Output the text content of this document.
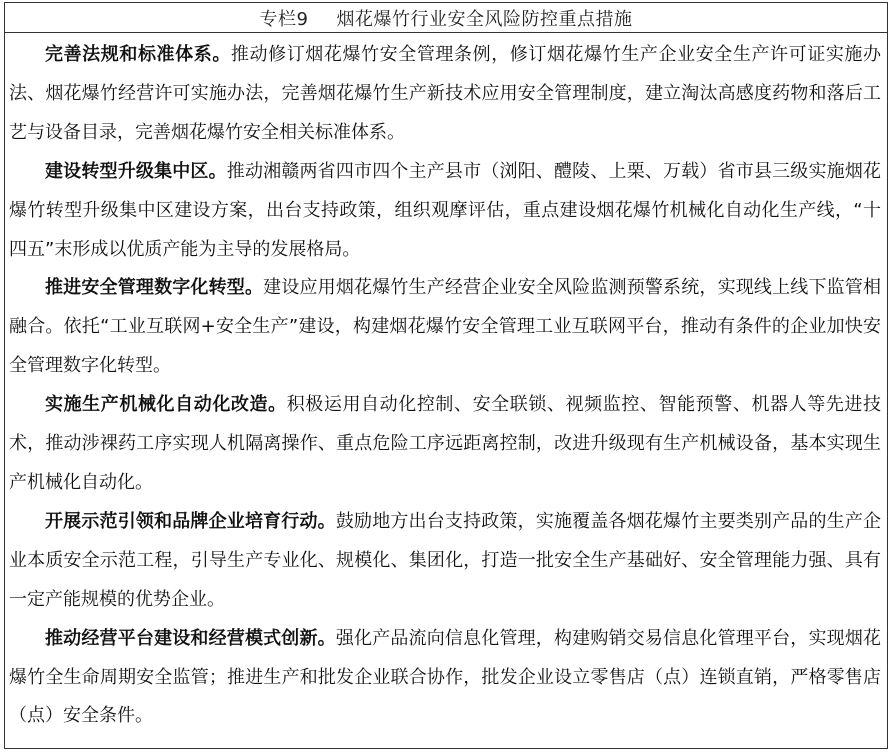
专栏9 烟花爆竹行业安全风险防控重点措施

完善法规和标准体系。推动修订烟花爆竹安全管理条例，修订烟花爆竹生产企业安全生产许可证实施办法、烟花爆竹经营许可实施办法，完善烟花爆竹生产新技术应用安全管理制度，建立淘汰高感度药物和落后工艺与设备目录，完善烟花爆竹安全相关标准体系。

建设转型升级集中区。推动湘赣两省四市四个主产县市（浏阳、醴陵、上栗、万载）省市县三级实施烟花爆竹转型升级集中区建设方案，出台支持政策，组织观摩评估，重点建设烟花爆竹机械化自动化生产线，“十四五”末形成以优质产能为主导的发展格局。

推进安全管理数字化转型。建设应用烟花爆竹生产经营企业安全风险监测预警系统，实现线上线下监管相融合。依托“工业互联网+安全生产”建设，构建烟花爆竹安全管理工业互联网平台，推动有条件的企业加快安全管理数字化转型。

实施生产机械化自动化改造。积极运用自动化控制、安全联锁、视频监控、智能预警、机器人等先进技术，推动涉裸药工序实现人机隔离操作、重点危险工序远距离控制，改进升级现有生产机械设备，基本实现生产机械化自动化。

开展示范引领和品牌企业培育行动。鼓励地方出台支持政策，实施覆盖各烟花爆竹主要类别产品的生产企业本质安全示范工程，引导生产专业化、规模化、集团化，打造一批安全生产基础好、安全管理能力强、具有一定产能规模的优势企业。

推动经营平台建设和经营模式创新。强化产品流向信息化管理，构建购销交易信息化管理平台，实现烟花爆竹全生命周期安全监管；推进生产和批发企业联合协作，批发企业设立零售店（点）连锁直销，严格零售店（点）安全条件。
